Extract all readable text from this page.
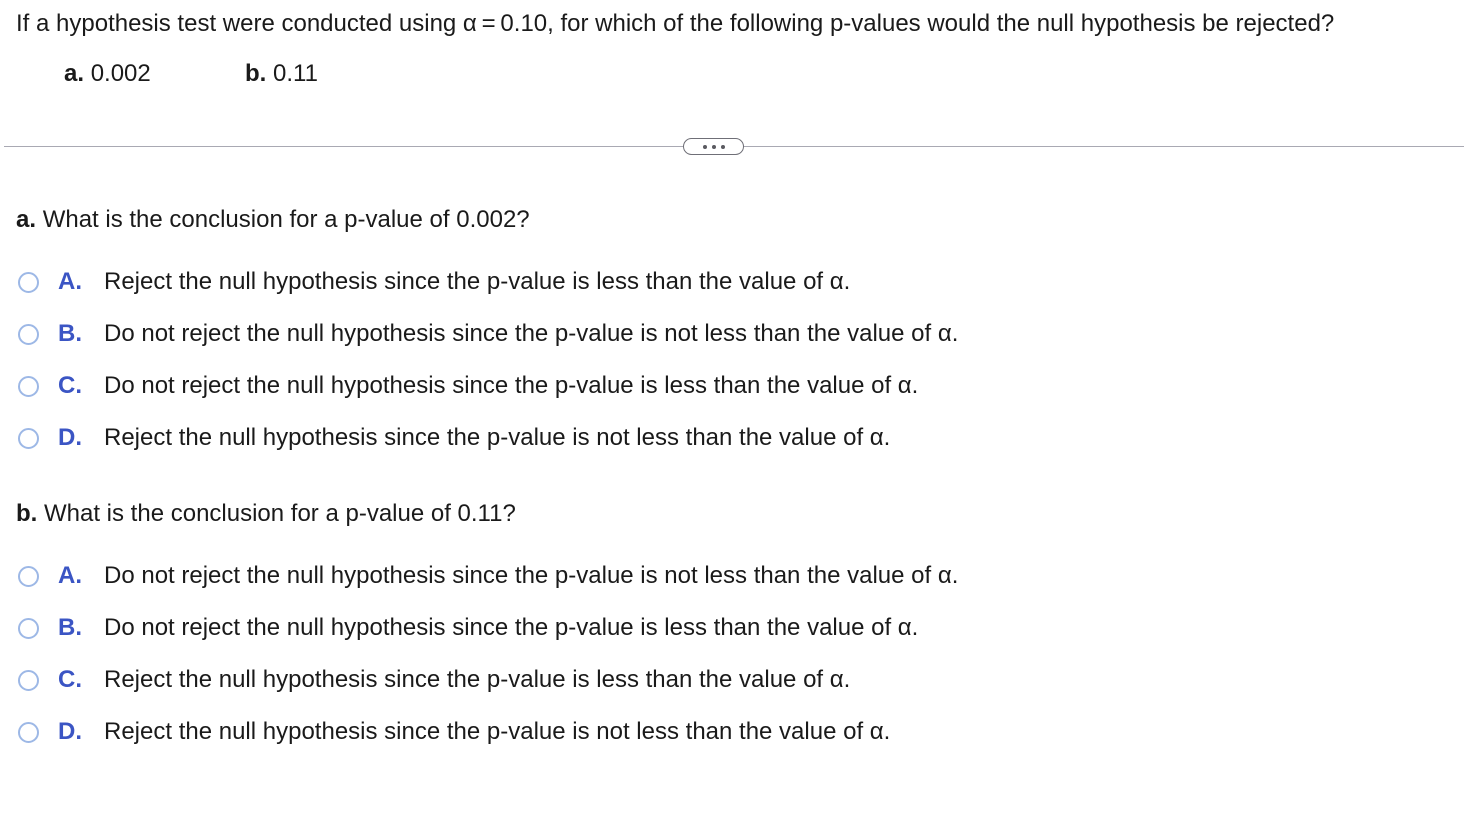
If a hypothesis test were conducted using α = 0.10, for which of the following p-values would the null hypothesis be rejected?
a. 0.002	b. 0.11
a. What is the conclusion for a p-value of 0.002?
A. Reject the null hypothesis since the p-value is less than the value of α.
B. Do not reject the null hypothesis since the p-value is not less than the value of α.
C. Do not reject the null hypothesis since the p-value is less than the value of α.
D. Reject the null hypothesis since the p-value is not less than the value of α.
b. What is the conclusion for a p-value of 0.11?
A. Do not reject the null hypothesis since the p-value is not less than the value of α.
B. Do not reject the null hypothesis since the p-value is less than the value of α.
C. Reject the null hypothesis since the p-value is less than the value of α.
D. Reject the null hypothesis since the p-value is not less than the value of α.
